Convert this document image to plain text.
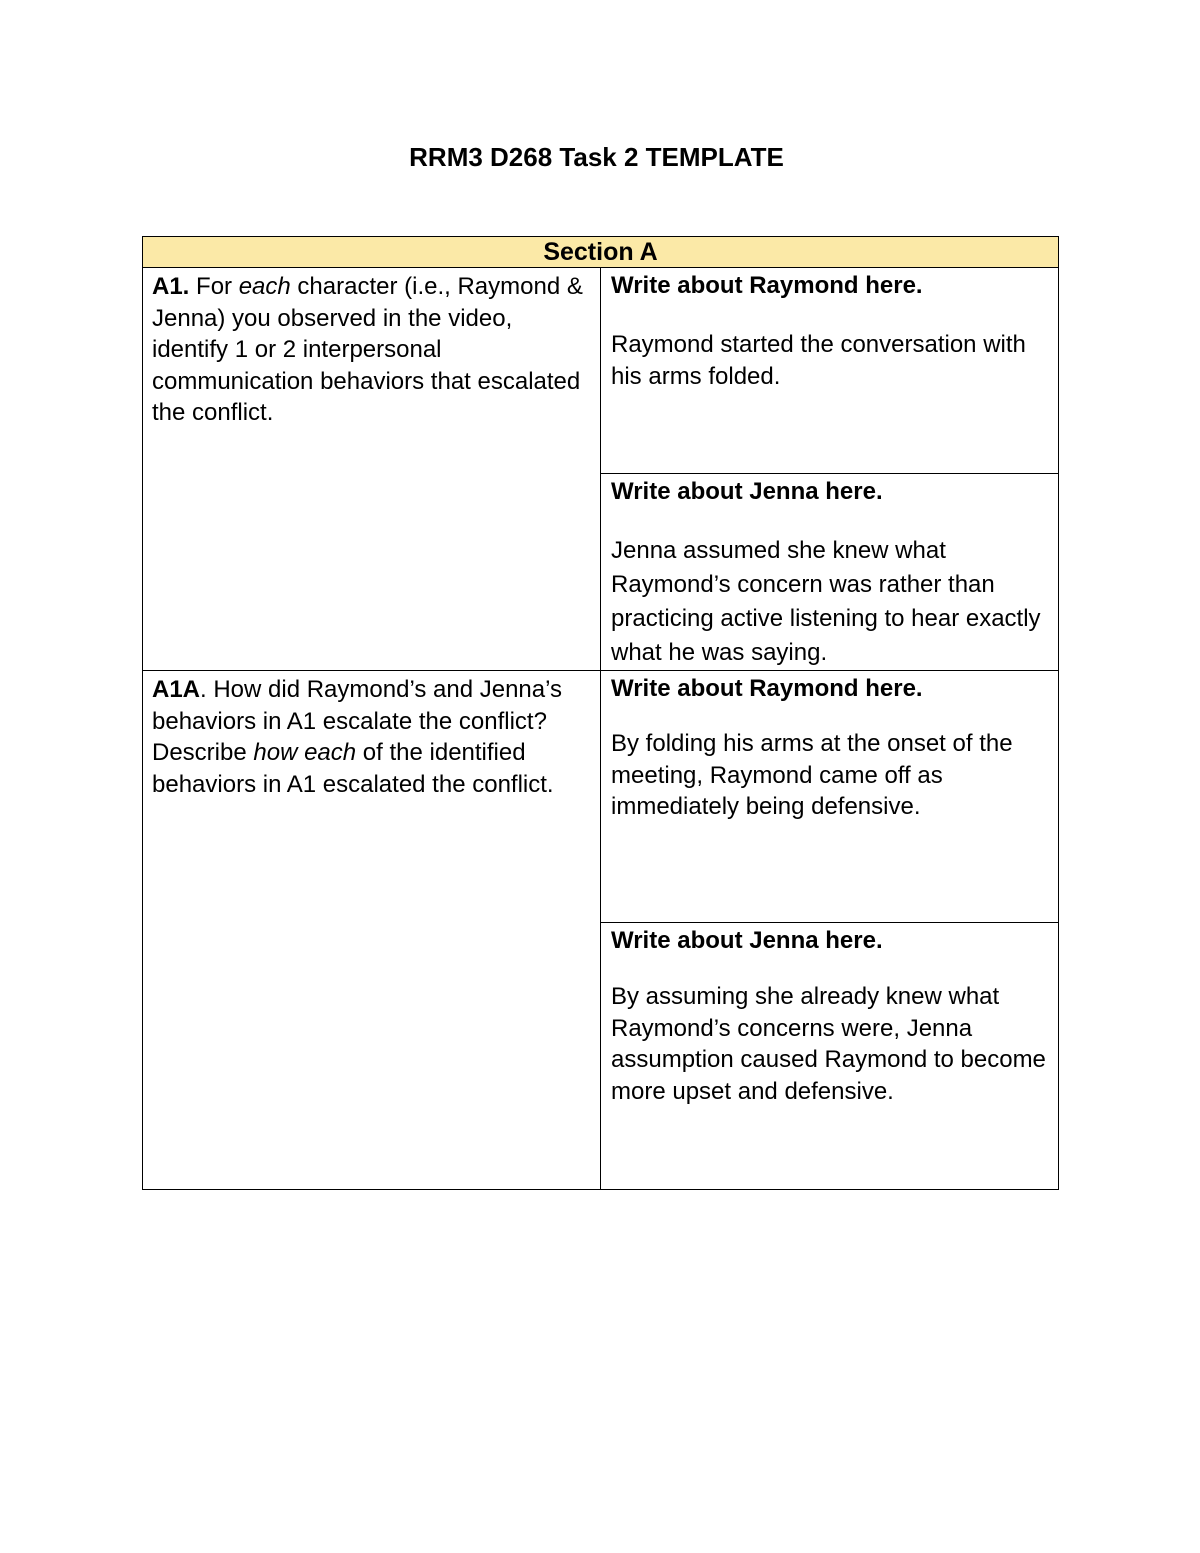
RRM3 D268 Task 2 TEMPLATE
Section A	

A1. For each character (i.e., Raymond & Jenna) you observed in the video, identify 1 or 2 interpersonal communication behaviors that escalated the conflict.	Write about Raymond here.
Raymond started the conversation with his arms folded.

	Write about Jenna here.
Jenna assumed she knew what Raymond’s concern was rather than practicing active listening to hear exactly what he was saying.

A1A. How did Raymond’s and Jenna’s behaviors in A1 escalate the conflict? Describe how each of the identified behaviors in A1 escalated the conflict.	Write about Raymond here.
By folding his arms at the onset of the meeting, Raymond came off as immediately being defensive.

	Write about Jenna here.
By assuming she already knew what Raymond’s concerns were, Jenna assumption caused Raymond to become more upset and defensive.
